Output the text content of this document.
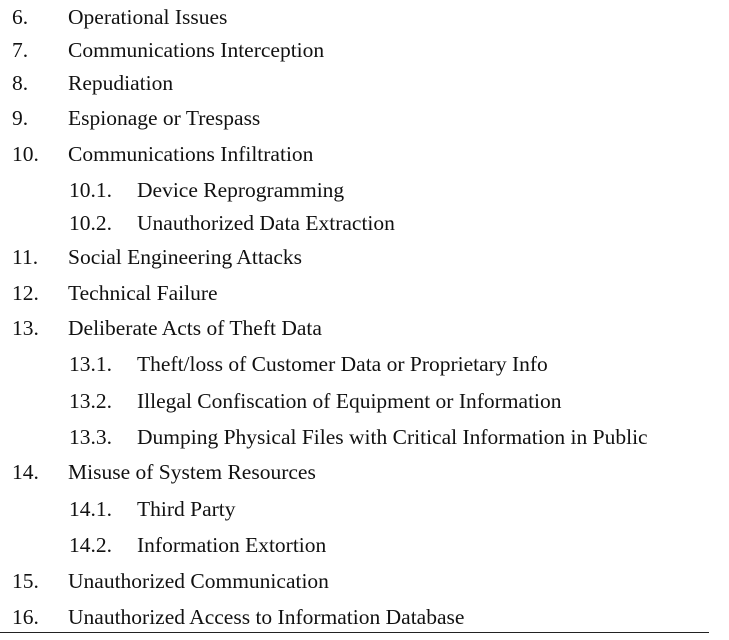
6. Operational Issues
7. Communications Interception
8. Repudiation
9. Espionage or Trespass
10. Communications Infiltration
10.1. Device Reprogramming
10.2. Unauthorized Data Extraction
11. Social Engineering Attacks
12. Technical Failure
13. Deliberate Acts of Theft Data
13.1. Theft/loss of Customer Data or Proprietary Info
13.2. Illegal Confiscation of Equipment or Information
13.3. Dumping Physical Files with Critical Information in Public
14. Misuse of System Resources
14.1. Third Party
14.2. Information Extortion
15. Unauthorized Communication
16. Unauthorized Access to Information Database
